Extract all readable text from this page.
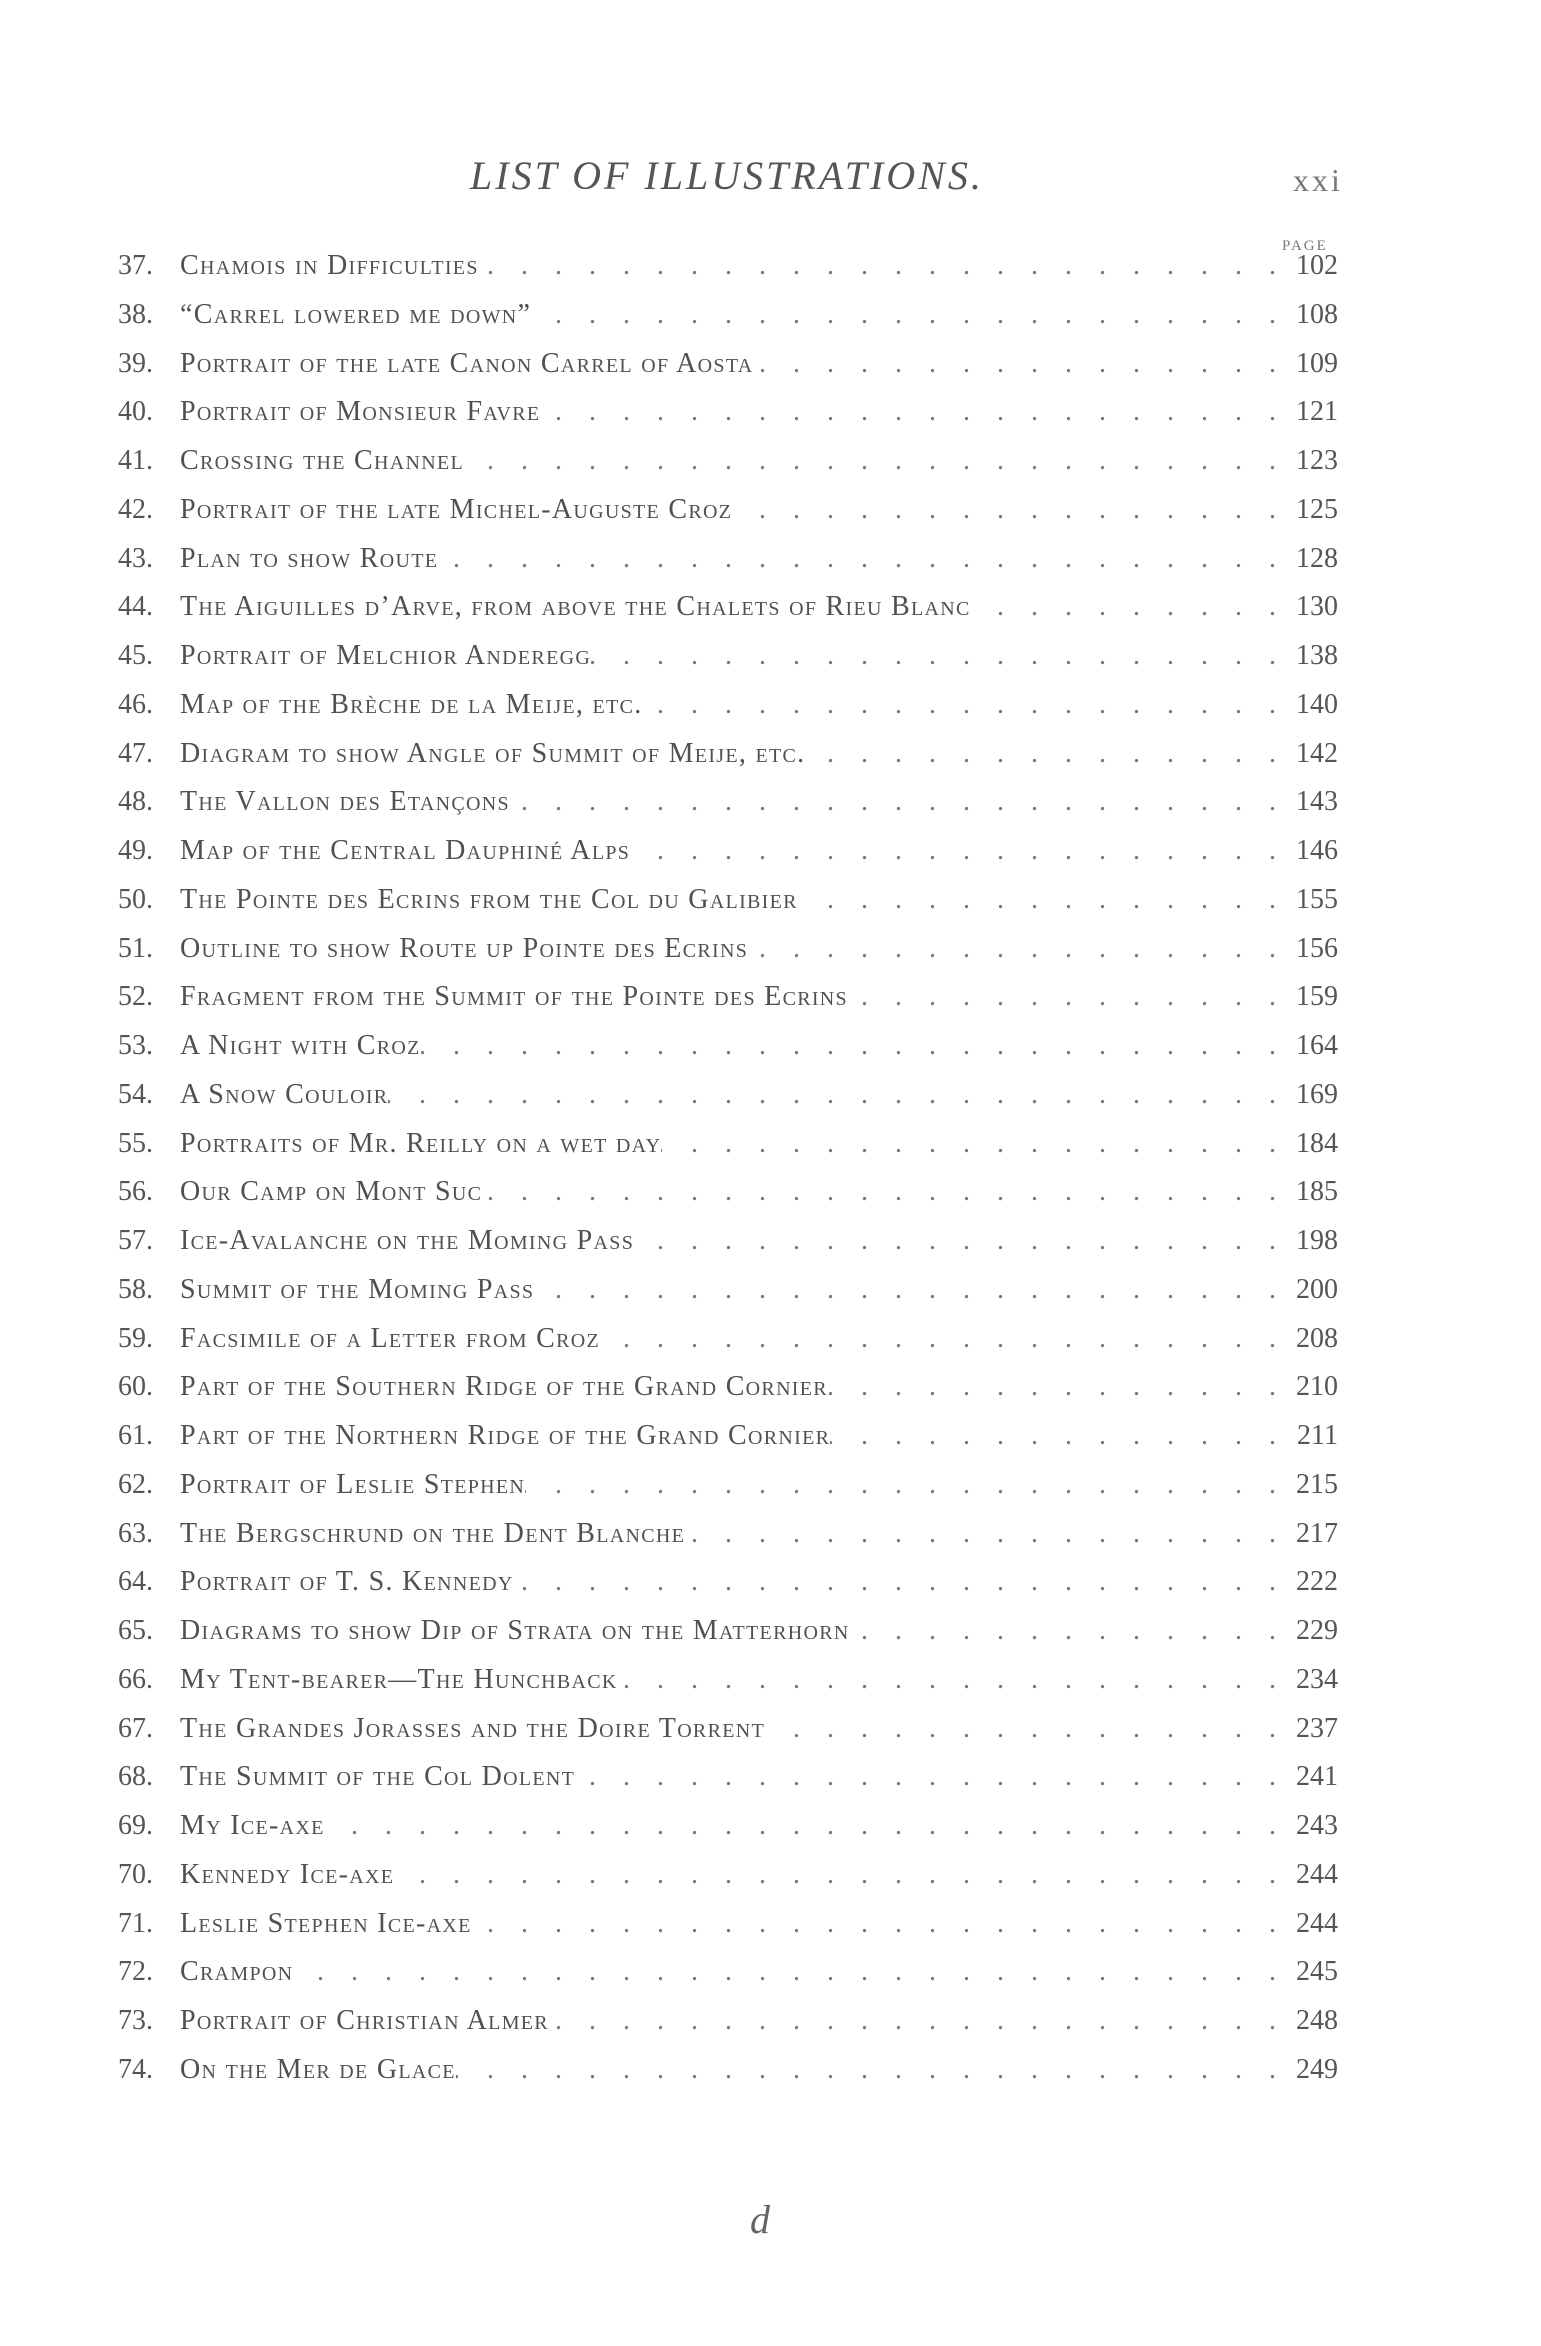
LIST OF ILLUSTRATIONS.	xxi
PAGE
37. Chamois in Difficulties . . .	102
38. “Carrel lowered me down” . . .	108
39. Portrait of the late Canon Carrel of Aosta . . .	109
40. Portrait of Monsieur Favre . . .	121
41. Crossing the Channel . . .	123
42. Portrait of the late Michel-Auguste Croz . . .	125
43. Plan to show Route . . .	128
44. The Aiguilles d’Arve, from above the Chalets of Rieu Blanc . . .	130
45. Portrait of Melchior Anderegg . . .	138
46. Map of the Brèche de la Meije, etc. . . .	140
47. Diagram to show Angle of Summit of Meije, etc. . . .	142
48. The Vallon des Etançons . . .	143
49. Map of the Central Dauphiné Alps . . .	146
50. The Pointe des Ecrins from the Col du Galibier . . .	155
51. Outline to show Route up Pointe des Ecrins . . .	156
52. Fragment from the Summit of the Pointe des Ecrins . . .	159
53. A Night with Croz . . .	164
54. A Snow Couloir . . .	169
55. Portraits of Mr. Reilly on a wet day . . .	184
56. Our Camp on Mont Suc . . .	185
57. Ice-Avalanche on the Moming Pass . . .	198
58. Summit of the Moming Pass . . .	200
59. Facsimile of a Letter from Croz . . .	208
60. Part of the Southern Ridge of the Grand Cornier . . .	210
61. Part of the Northern Ridge of the Grand Cornier . . .	211
62. Portrait of Leslie Stephen . . .	215
63. The Bergschrund on the Dent Blanche . . .	217
64. Portrait of T. S. Kennedy . . .	222
65. Diagrams to show Dip of Strata on the Matterhorn . . .	229
66. My Tent-bearer—The Hunchback . . .	234
67. The Grandes Jorasses and the Doire Torrent . . .	237
68. The Summit of the Col Dolent . . .	241
69. My Ice-axe . . .	243
70. Kennedy Ice-axe . . .	244
71. Leslie Stephen Ice-axe . . .	244
72. Crampon . . .	245
73. Portrait of Christian Almer . . .	248
74. On the Mer de Glace . . .	249
d
